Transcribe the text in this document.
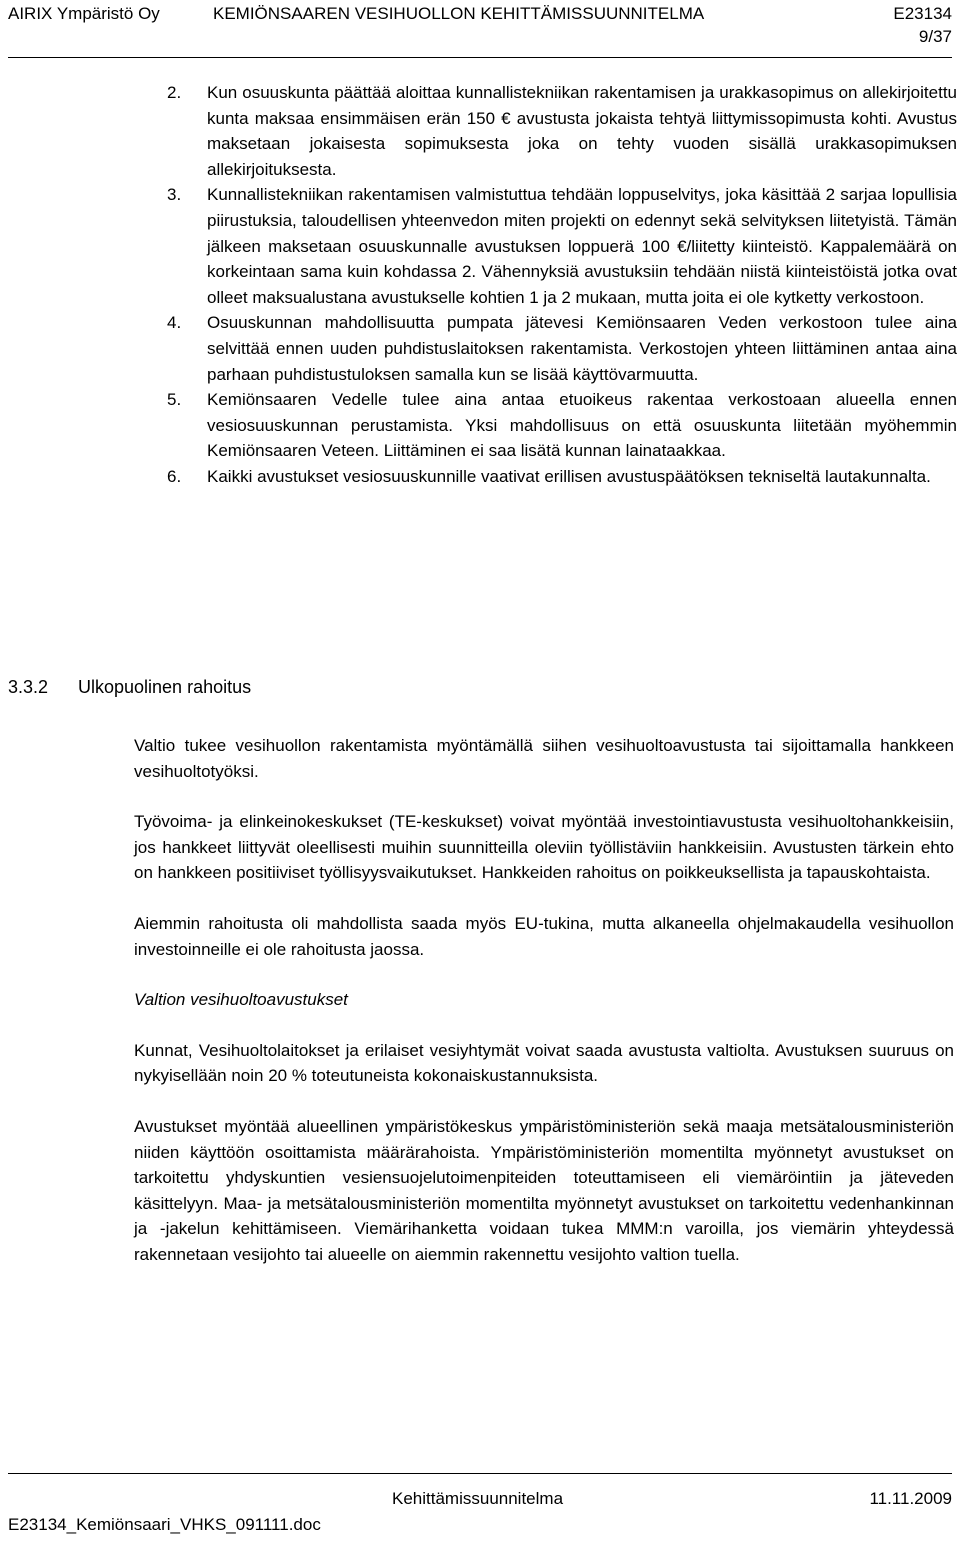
AIRIX Ympäristö Oy	KEMIÖNSAAREN VESIHUOLLON KEHITTÄMISSUUNNITELMA	E23134
9/37
2. Kun osuuskunta päättää aloittaa kunnallistekniikan rakentamisen ja urakkasopimus on allekirjoitettu kunta maksaa ensimmäisen erän 150 € avustusta jokaista tehtyä liittymissopimusta kohti. Avustus maksetaan jokaisesta sopimuksesta joka on tehty vuoden sisällä urakkasopimuksen allekirjoituksesta.
3. Kunnallistekniikan rakentamisen valmistuttua tehdään loppuselvitys, joka käsittää 2 sarjaa lopullisia piirustuksia, taloudellisen yhteenvedon miten projekti on edennyt sekä selvityksen liitetyistä. Tämän jälkeen maksetaan osuuskunnalle avustuksen loppuerä 100 €/liitetty kiinteistö. Kappalemäärä on korkeintaan sama kuin kohdassa 2. Vähennyksiä avustuksiin tehdään niistä kiinteistöistä jotka ovat olleet maksualustana avustukselle kohtien 1 ja 2 mukaan, mutta joita ei ole kytketty verkostoon.
4. Osuuskunnan mahdollisuutta pumpata jätevesi Kemiönsaaren Veden verkostoon tulee aina selvittää ennen uuden puhdistuslaitoksen rakentamista. Verkostojen yhteen liittäminen antaa aina parhaan puhdistustuloksen samalla kun se lisää käyttövarmuutta.
5. Kemiönsaaren Vedelle tulee aina antaa etuoikeus rakentaa verkostoaan alueella ennen vesiosuuskunnan perustamista. Yksi mahdollisuus on että osuuskunta liitetään myöhemmin Kemiönsaaren Veteen. Liittäminen ei saa lisätä kunnan lainataakkaa.
6. Kaikki avustukset vesiosuuskunnille vaativat erillisen avustuspäätöksen tekniseltä lautakunnalta.
3.3.2 Ulkopuolinen rahoitus

Valtio tukee vesihuollon rakentamista myöntämällä siihen vesihuoltoavustusta tai sijoittamalla hankkeen vesihuoltotyöksi.

Työvoima- ja elinkeinokeskukset (TE-keskukset) voivat myöntää investointiavustusta vesihuoltohankkeisiin, jos hankkeet liittyvät oleellisesti muihin suunnitteilla oleviin työllistäviin hankkeisiin. Avustusten tärkein ehto on hankkeen positiiviset työllisyysvaikutukset. Hankkeiden rahoitus on poikkeuksellista ja tapauskohtaista.

Aiemmin rahoitusta oli mahdollista saada myös EU-tukina, mutta alkaneella ohjelmakaudella vesihuollon investoinneille ei ole rahoitusta jaossa.

Valtion vesihuoltoavustukset

Kunnat, Vesihuoltolaitokset ja erilaiset vesiyhtymät voivat saada avustusta valtiolta. Avustuksen suuruus on nykyisellään noin 20 % toteutuneista kokonaiskustannuksista.

Avustukset myöntää alueellinen ympäristökeskus ympäristöministeriön sekä maaja metsätalousministeriön niiden käyttöön osoittamista määrärahoista. Ympäristöministeriön momentilta myönnetyt avustukset on tarkoitettu yhdyskuntien vesiensuojelutoimenpiteiden toteuttamiseen eli viemäröintiin ja jäteveden käsittelyyn. Maa- ja metsätalousministeriön momentilta myönnetyt avustukset on tarkoitettu vedenhankinnan ja -jakelun kehittämiseen. Viemärihanketta voidaan tukea MMM:n varoilla, jos viemärin yhteydessä rakennetaan vesijohto tai alueelle on aiemmin rakennettu vesijohto valtion tuella.

Kehittämissuunnitelma	11.11.2009
E23134_Kemiönsaari_VHKS_091111.doc
